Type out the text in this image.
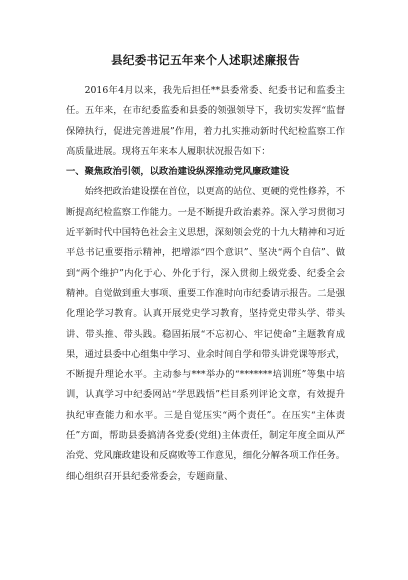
县纪委书记五年来个人述职述廉报告

2016年4月以来，我先后担任**县委常委、纪委书记和监委主任。五年来，在市纪委监委和县委的领强领导下，我切实发挥“监督保障执行，促进完善进展”作用，着力扎实推动新时代纪检监察工作高质量进展。现将五年来本人履职状况报告如下：

一、聚焦政治引领，以政治建设纵深推动党风廉政建设

始终把政治建设摆在首位，以更高的站位、更硬的党性修养，不断提高纪检监察工作能力。一是不断提升政治素养。深入学习贯彻习近平新时代中国特色社会主义思想，深刻领会党的十九大精神和习近平总书记重要指示精神，把增添“四个意识”、坚决“两个自信”、做到“两个维护”内化于心、外化于行，深入贯彻上级党委、纪委全会精神。自觉做到重大事项、重要工作准时向市纪委请示报告。二是强化理论学习教育。认真开展党史学习教育，坚持党史带头学、带头讲、带头推、带头践。稳固拓展“不忘初心、牢记使命”主题教育成果，通过县委中心组集中学习、业余时间自学和带头讲党课等形式，不断提升理论水平。主动参与***举办的“*******培训班”等集中培训，认真学习中纪委网站“学思践悟”栏目系列评论文章，有效提升执纪审查能力和水平。三是自觉压实“两个责任”。在压实“主体责任”方面，帮助县委搞清各党委(党组)主体责任，制定年度全面从严治党、党风廉政建设和反腐败等工作意见，细化分解各项工作任务。细心组织召开县纪委常委会，专题商量、
